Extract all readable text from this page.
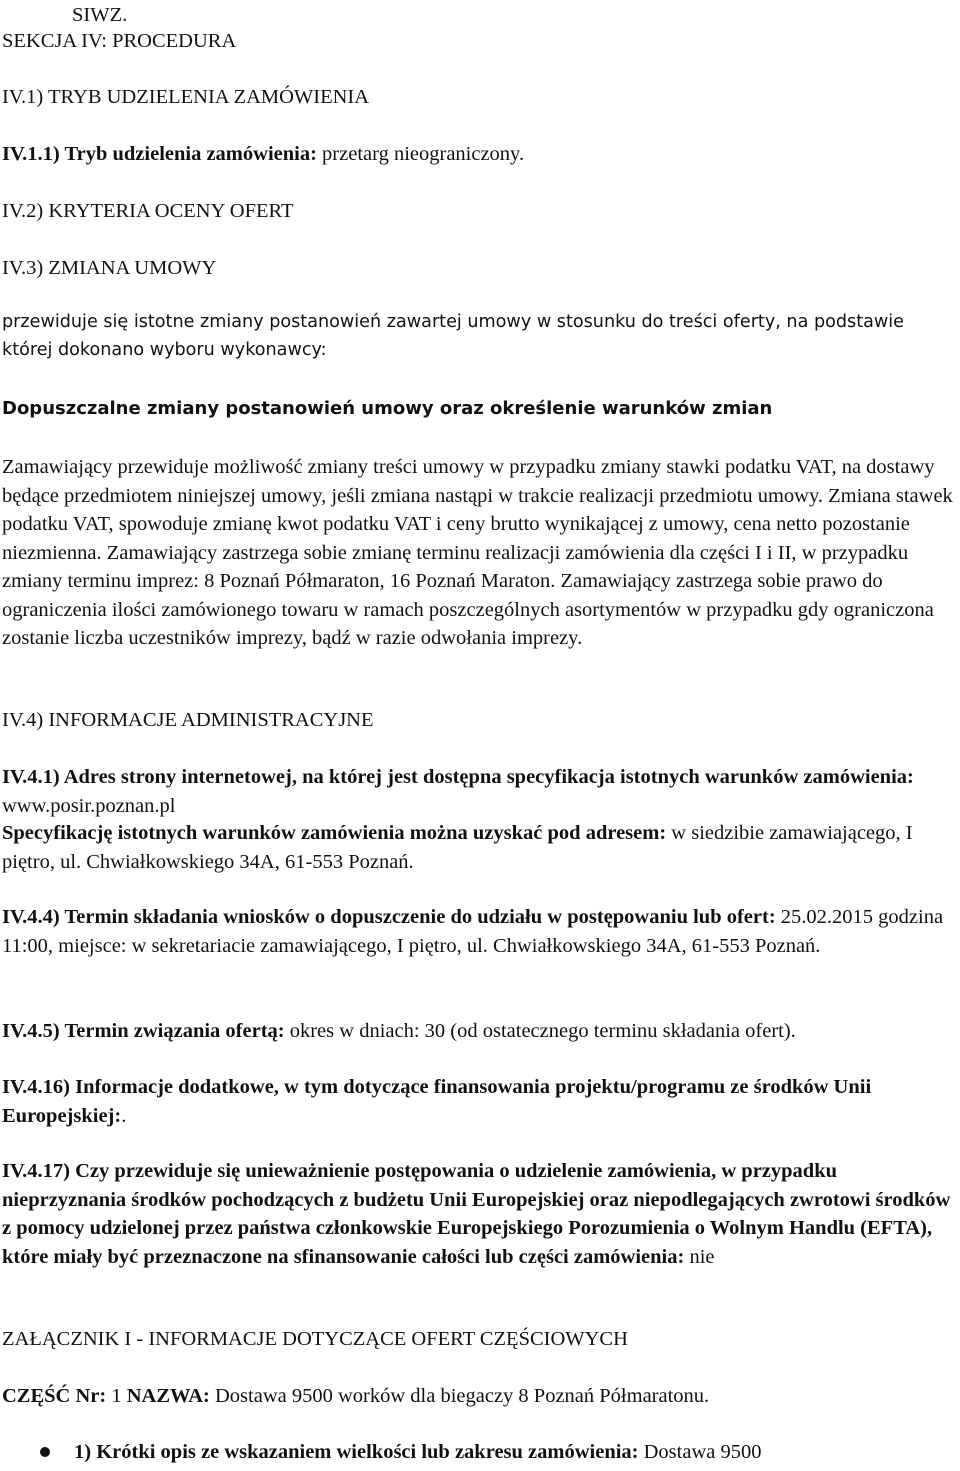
SIWZ.
SEKCJA IV: PROCEDURA
IV.1) TRYB UDZIELENIA ZAMÓWIENIA
IV.1.1) Tryb udzielenia zamówienia: przetarg nieograniczony.
IV.2) KRYTERIA OCENY OFERT
IV.3) ZMIANA UMOWY
przewiduje się istotne zmiany postanowień zawartej umowy w stosunku do treści oferty, na podstawie której dokonano wyboru wykonawcy:
Dopuszczalne zmiany postanowień umowy oraz określenie warunków zmian
Zamawiający przewiduje możliwość zmiany treści umowy w przypadku zmiany stawki podatku VAT, na dostawy będące przedmiotem niniejszej umowy, jeśli zmiana nastąpi w trakcie realizacji przedmiotu umowy. Zmiana stawek podatku VAT, spowoduje zmianę kwot podatku VAT i ceny brutto wynikającej z umowy, cena netto pozostanie niezmienna. Zamawiający zastrzega sobie zmianę terminu realizacji zamówienia dla części I i II, w przypadku zmiany terminu imprez: 8 Poznań Półmaraton, 16 Poznań Maraton. Zamawiający zastrzega sobie prawo do ograniczenia ilości zamówionego towaru w ramach poszczególnych asortymentów w przypadku gdy ograniczona zostanie liczba uczestników imprezy, bądź w razie odwołania imprezy.
IV.4) INFORMACJE ADMINISTRACYJNE
IV.4.1) Adres strony internetowej, na której jest dostępna specyfikacja istotnych warunków zamówienia: www.posir.poznan.pl
Specyfikację istotnych warunków zamówienia można uzyskać pod adresem: w siedzibie zamawiającego, I piętro, ul. Chwiałkowskiego 34A, 61-553 Poznań.
IV.4.4) Termin składania wniosków o dopuszczenie do udziału w postępowaniu lub ofert: 25.02.2015 godzina 11:00, miejsce: w sekretariacie zamawiającego, I piętro, ul. Chwiałkowskiego 34A, 61-553 Poznań.
IV.4.5) Termin związania ofertą: okres w dniach: 30 (od ostatecznego terminu składania ofert).
IV.4.16) Informacje dodatkowe, w tym dotyczące finansowania projektu/programu ze środków Unii Europejskiej:.
IV.4.17) Czy przewiduje się unieważnienie postępowania o udzielenie zamówienia, w przypadku nieprzyznania środków pochodzących z budżetu Unii Europejskiej oraz niepodlegających zwrotowi środków z pomocy udzielonej przez państwa członkowskie Europejskiego Porozumienia o Wolnym Handlu (EFTA), które miały być przeznaczone na sfinansowanie całości lub części zamówienia: nie
ZAŁĄCZNIK I - INFORMACJE DOTYCZĄCE OFERT CZĘŚCIOWYCH
CZĘŚĆ Nr: 1 NAZWA: Dostawa 9500 worków dla biegaczy 8 Poznań Półmaratonu.
1) Krótki opis ze wskazaniem wielkości lub zakresu zamówienia: Dostawa 9500
